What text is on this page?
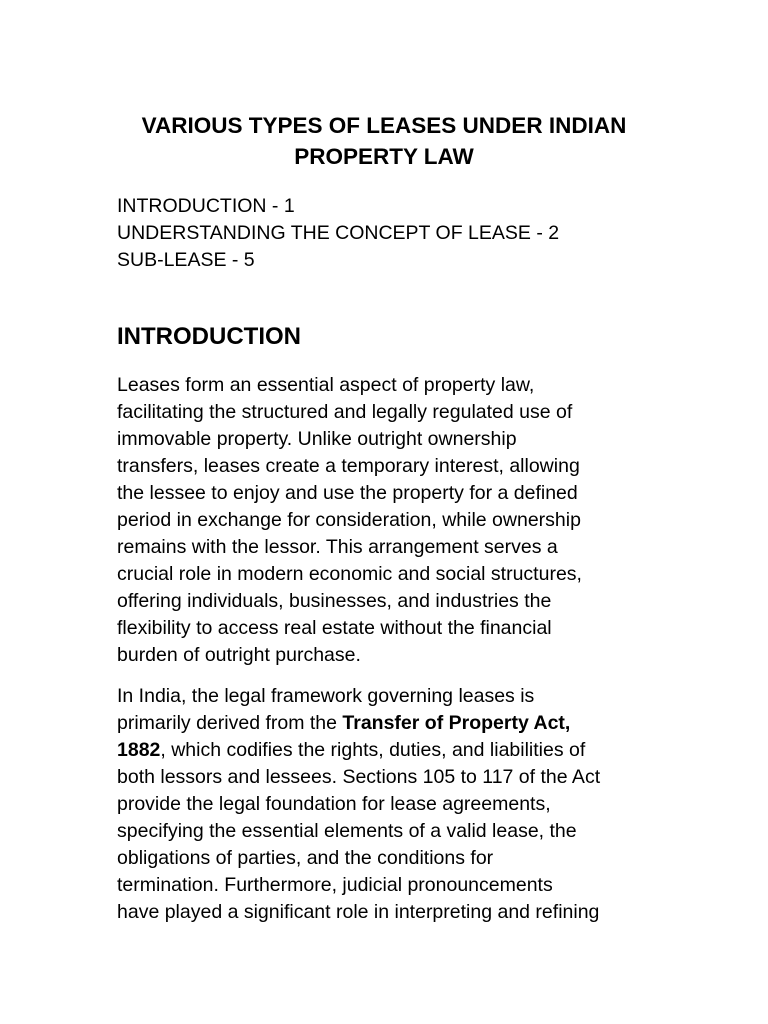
VARIOUS TYPES OF LEASES UNDER INDIAN
PROPERTY LAW
INTRODUCTION - 1
UNDERSTANDING THE CONCEPT OF LEASE - 2
SUB-LEASE - 5
INTRODUCTION
Leases form an essential aspect of property law,
facilitating the structured and legally regulated use of
immovable property. Unlike outright ownership
transfers, leases create a temporary interest, allowing
the lessee to enjoy and use the property for a defined
period in exchange for consideration, while ownership
remains with the lessor. This arrangement serves a
crucial role in modern economic and social structures,
offering individuals, businesses, and industries the
flexibility to access real estate without the financial
burden of outright purchase.
In India, the legal framework governing leases is
primarily derived from the Transfer of Property Act,
1882, which codifies the rights, duties, and liabilities of
both lessors and lessees. Sections 105 to 117 of the Act
provide the legal foundation for lease agreements,
specifying the essential elements of a valid lease, the
obligations of parties, and the conditions for
termination. Furthermore, judicial pronouncements
have played a significant role in interpreting and refining
